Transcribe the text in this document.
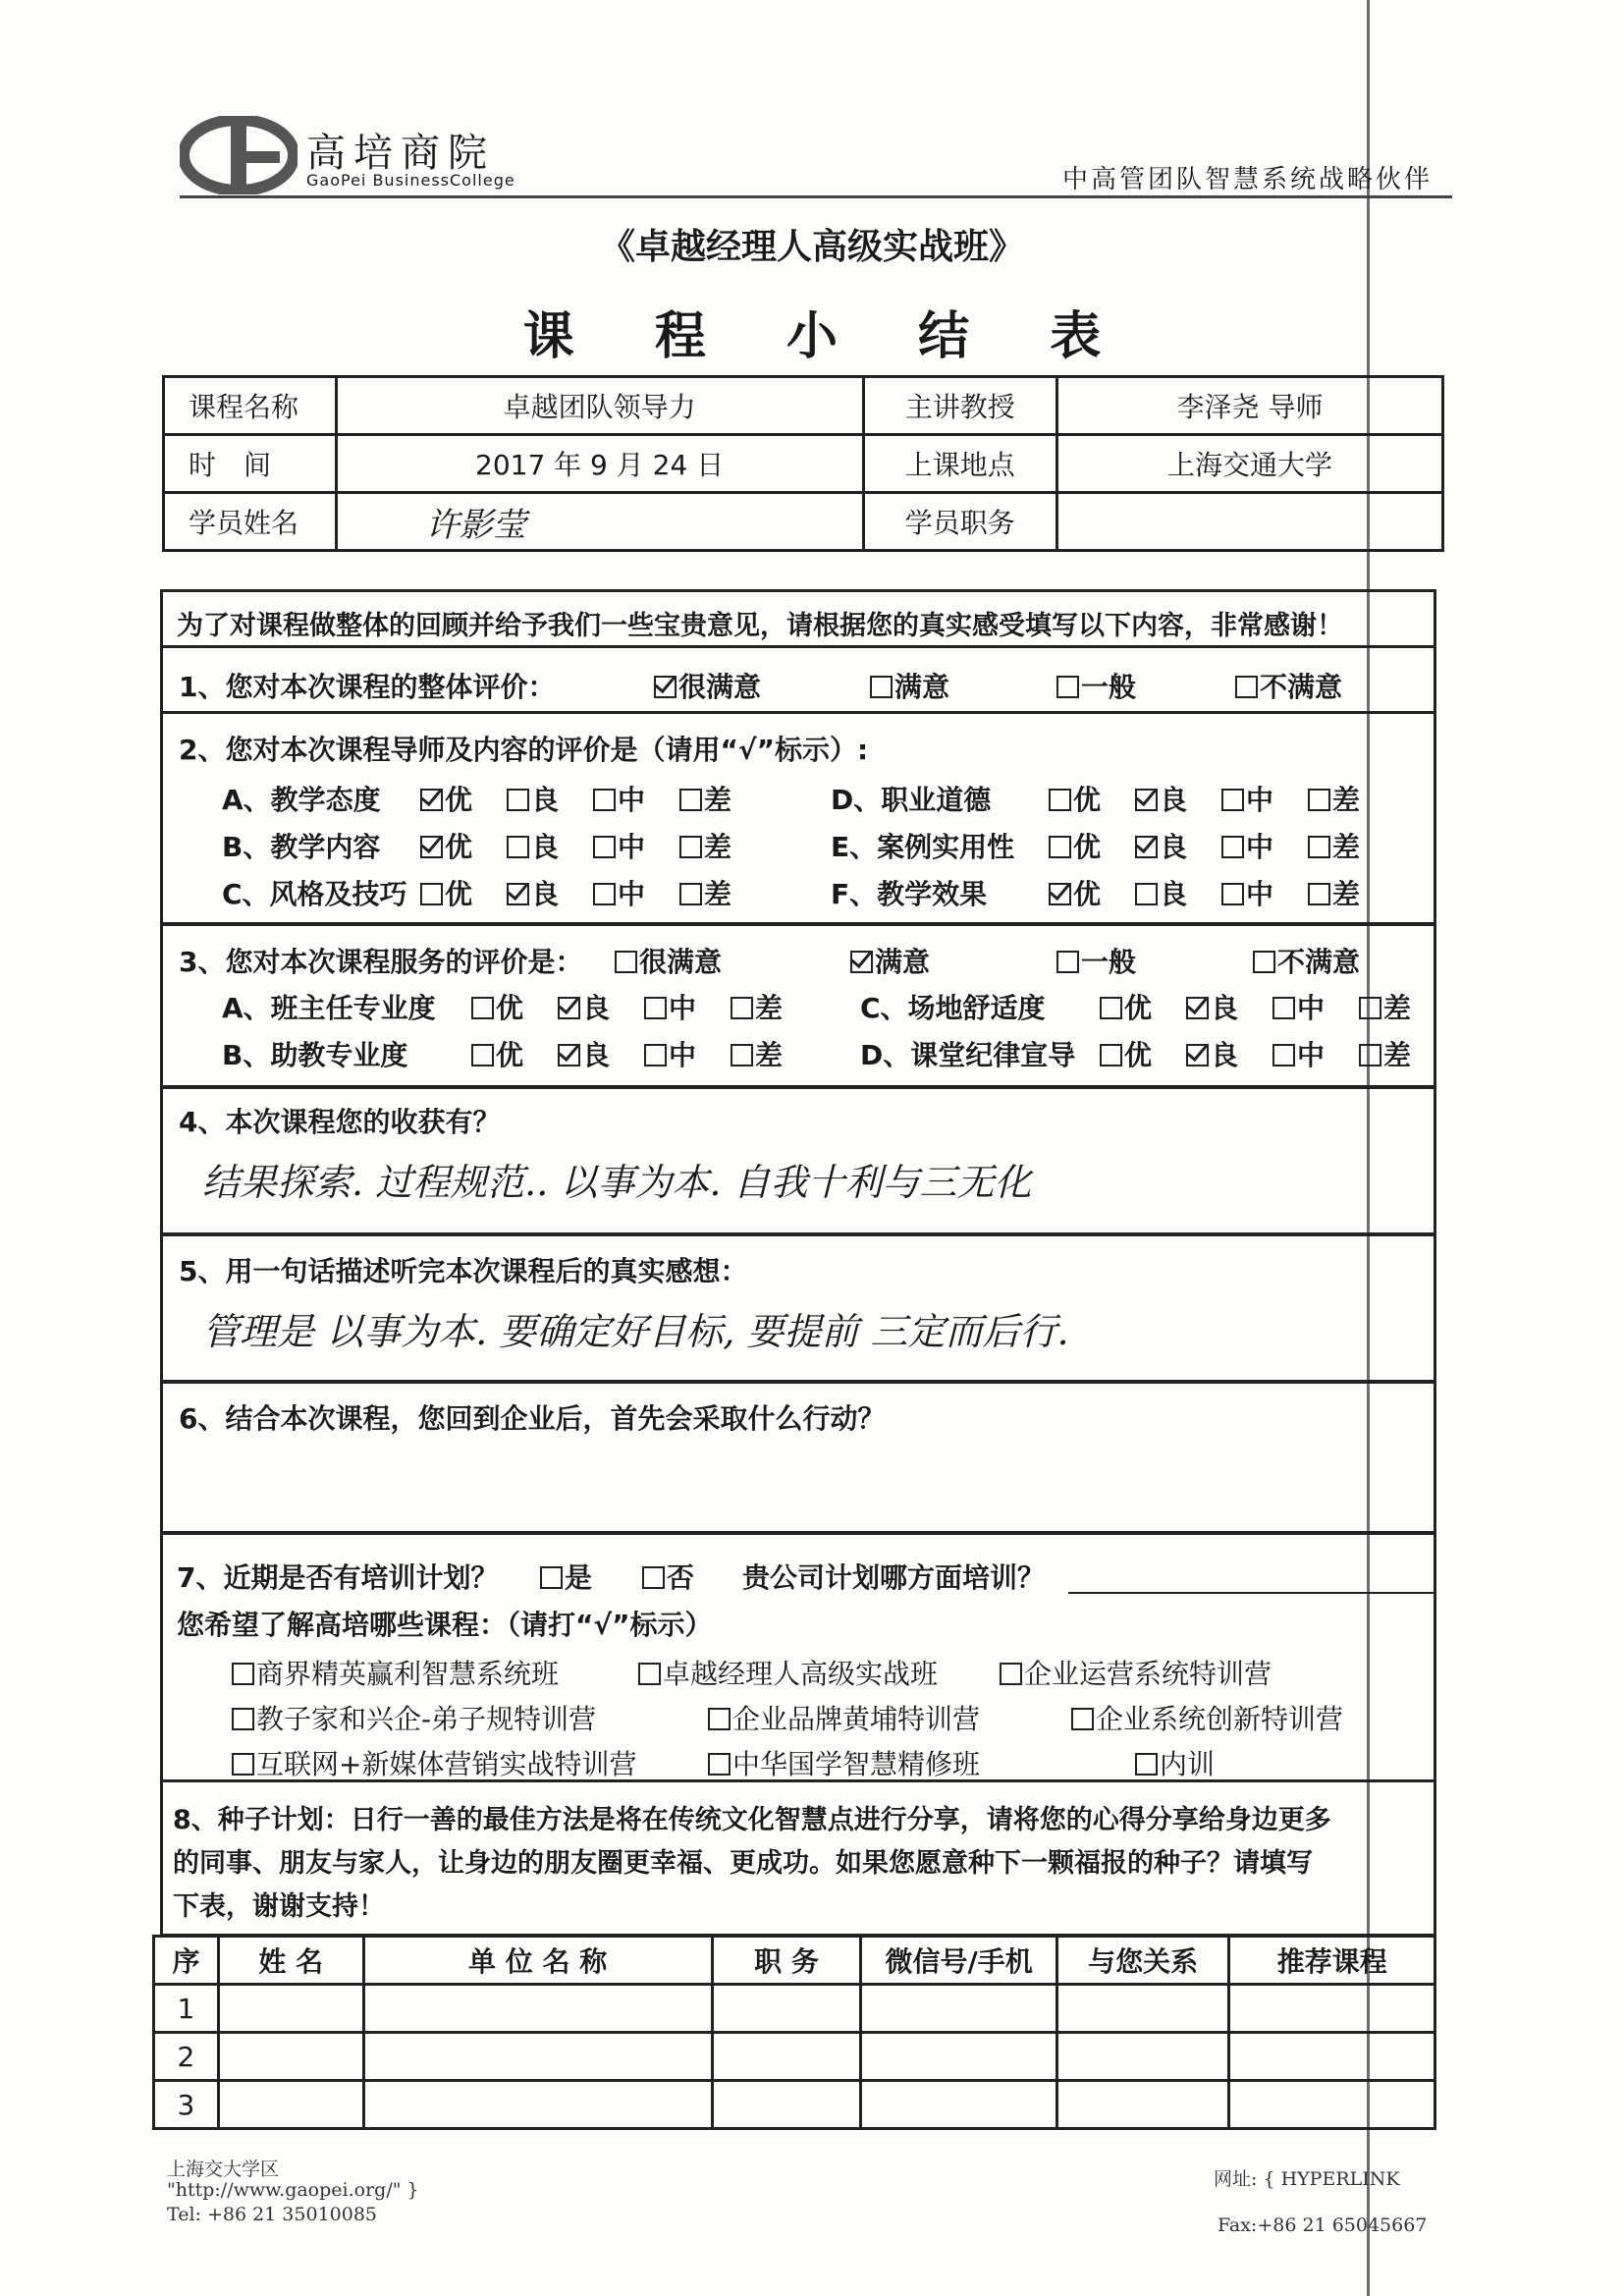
高培商院
GaoPei BusinessCollege	中高管团队智慧系统战略伙伴
《卓越经理人高级实战班》
课 程 小 结 表
课程名称	卓越团队领导力	主讲教授	李泽尧 导师
时　间	2017 年 9 月 24 日	上课地点	上海交通大学
学员姓名	许影莹	学员职务	
为了对课程做整体的回顾并给予我们一些宝贵意见，请根据您的真实感受填写以下内容，非常感谢！
1、您对本次课程的整体评价：	很满意	满意	一般	不满意
2、您对本次课程导师及内容的评价是（请用“√”标示）:
A、教学态度	优	良	中	差
B、教学内容	优	良	中	差
C、风格及技巧	优	良	中	差
D、职业道德	优	良	中	差
E、案例实用性	优	良	中	差
F、教学效果	优	良	中	差
3、您对本次课程服务的评价是：	很满意	满意	一般	不满意
A、班主任专业度	优	良	中	差
B、助教专业度	优	良	中	差
C、场地舒适度	优	良	中	差
D、课堂纪律宣导	优	良	中	差
4、本次课程您的收获有？
结果探索. 过程规范.. 以事为本. 自我十利与三无化
5、用一句话描述听完本次课程后的真实感想：
管理是 以事为本. 要确定好目标, 要提前 三定而后行.
6、结合本次课程，您回到企业后，首先会采取什么行动？
7、近期是否有培训计划？	是	否 贵公司计划哪方面培训？
您希望了解高培哪些课程：（请打“√”标示）
商界精英赢利智慧系统班	卓越经理人高级实战班	企业运营系统特训营
教子家和兴企-弟子规特训营	企业品牌黄埔特训营	企业系统创新特训营
互联网+新媒体营销实战特训营	中华国学智慧精修班	内训
8、种子计划：日行一善的最佳方法是将在传统文化智慧点进行分享，请将您的心得分享给身边更多
的同事、朋友与家人，让身边的朋友圈更幸福、更成功。如果您愿意种下一颗福报的种子？请填写
下表，谢谢支持！
序	姓 名	单 位 名 称	职 务	微信号/手机	与您关系	推荐课程
1						
2						
3						
上海交大学区
"http://www.gaopei.org/" }
Tel: +86 21 35010085
网址: { HYPERLINK
Fax:+86 21 65045667
